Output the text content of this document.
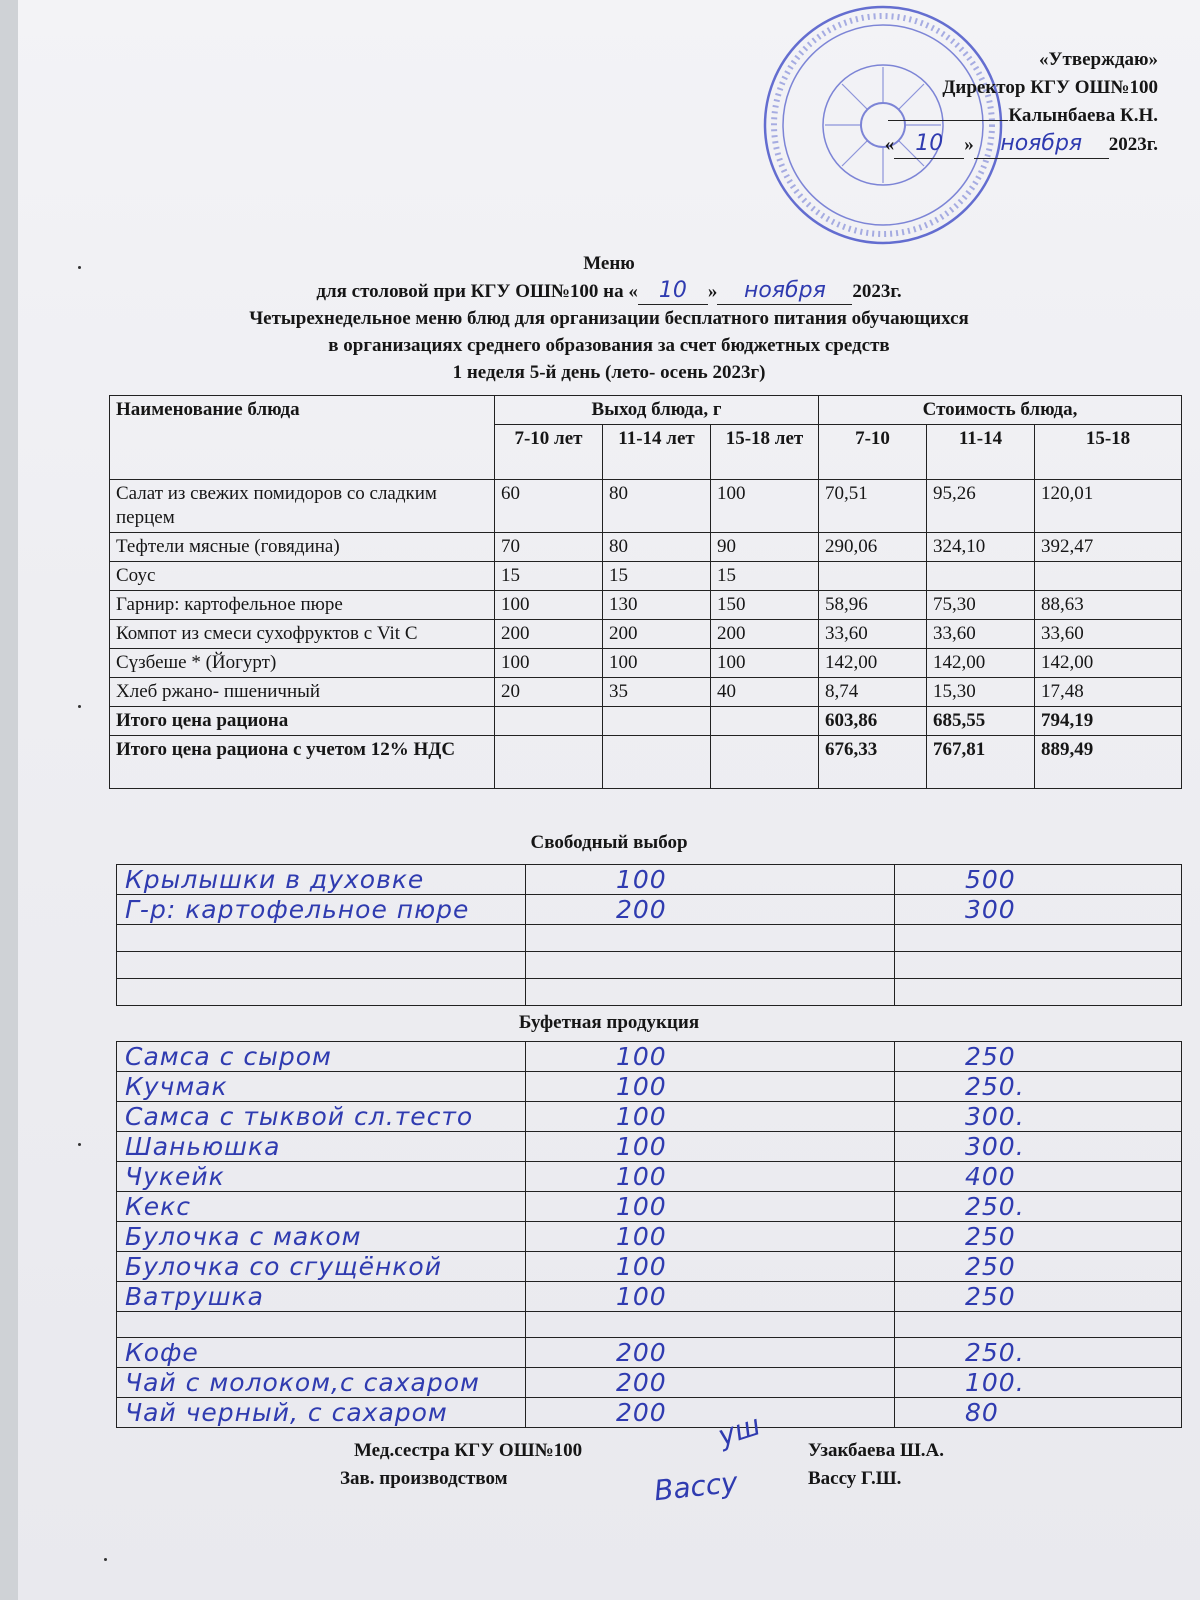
«Утверждаю»
Директор КГУ ОШ№100
Калынбаева К.Н.
« 10 » ноября 2023г.
Меню
для столовой при КГУ ОШ№100 на « 10 » ноября 2023г.
Четырехнедельное меню блюд для организации бесплатного питания обучающихся
в организациях среднего образования за счет бюджетных средств
1 неделя 5-й день (лето- осень 2023г)
Наименование блюда	Выход блюда, г			Стоимость блюда,		
	7-10 лет	11-14 лет	15-18 лет	7-10	11-14	15-18
Салат из свежих помидоров со сладким перцем	60	80	100	70,51	95,26	120,01
Тефтели мясные (говядина)	70	80	90	290,06	324,10	392,47
Соус	15	15	15			
Гарнир: картофельное пюре	100	130	150	58,96	75,30	88,63
Компот из смеси сухофруктов с Vit C	200	200	200	33,60	33,60	33,60
Сүзбеше * (Йогурт)	100	100	100	142,00	142,00	142,00
Хлеб ржано- пшеничный	20	35	40	8,74	15,30	17,48
Итого цена рациона				603,86	685,55	794,19
Итого цена рациона с учетом 12% НДС				676,33	767,81	889,49
Свободный выбор
Крылышки в духовке	100	500
Г-р: картофельное пюре	200	300

Буфетная продукция
Самса с сыром	100	250
Кучмак	100	250.
Самса с тыквой сл.тесто	100	300.
Шаньюшка	100	300.
Чукейк	100	400
Кекс	100	250.
Булочка с маком	100	250
Булочка со сгущёнкой	100	250
Ватрушка	100	250

Кофе	200	250.
Чай с молоком,с сахаром	200	100.
Чай черный, с сахаром	200	80
Мед.сестра КГУ ОШ№100	Узакбаева Ш.А.
Зав. производством	Вассу Г.Ш.
уш
Вассу
